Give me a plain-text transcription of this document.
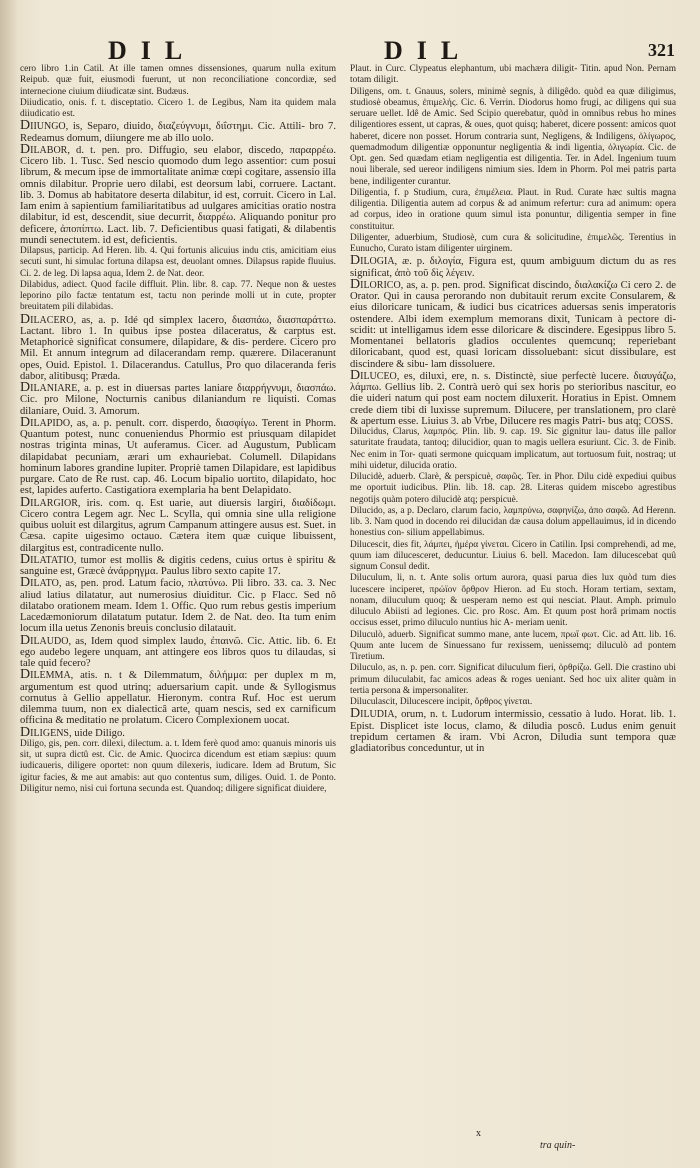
DIL	DIL	321

cero libro 1.in Catil. At ille tamen omnes dissensiones, quarum nulla exitum Reipub. quæ fuit, eiusmodi fuerunt, ut non reconciliatione concordiæ, sed internecione ciuium diiudicatæ sint. Budæus.

Diiudicatio, onis. f. t. disceptatio. Cicero 1. de Legibus, Nam ita quidem mala diiudicatio est.

Diiungo, is, Separo, diuido, διαζεύγνυμι, διΐστημι. Cic. Attili- bro 7. Redeamus domum, diiungere me ab illo uolo.

Dilabor, d. t. pen. pro. Diffugio, seu elabor, discedo, παραρρέω. Cicero lib. 1. Tusc. Sed nescio quomodo dum lego assentior: cum posui librum, & mecum ipse de immortalitate animæ cœpi cogitare, assensio illa omnis dilabitur. Proprie uero dilabi, est deorsum labi, corruere. Lactant. lib. 3. Domus ab habitatore deserta dilabitur, id est, corruit. Cicero in Lal. Iam enim à sapientium familiaritatibus ad uulgares amicitias oratio nostra dilabitur, id est, descendit, siue decurrit, διαρρέω. Aliquando ponitur pro deficere, ἀποπίπτω. Lact. lib. 7. Deficientibus quasi fatigati, & dilabentis mundi senectutem. id est, deficientis.

Dilapsus, particip. Ad Heren. lib. 4. Qui fortunis alicuius indu ctis, amicitiam eius secuti sunt, hi simulac fortuna dilapsa est, deuolant omnes. Dilapsus rapide fluuius. Ci. 2. de leg. Di lapsa aqua, Idem 2. de Nat. deor.

Dilabidus, adiect. Quod facile diffluit. Plin. libr. 8. cap. 77. Neque non & uestes leporino pilo factæ tentatum est, tactu non perinde molli ut in cute, propter breuitatem pili dilabidas.

Dilacero, as, a. p. Idé qd simplex lacero, διασπάω, διασπαράττω. Lactant. libro 1. In quibus ipse postea dilaceratus, & carptus est. Metaphoricè significat consumere, dilapidare, & dis- perdere. Cicero pro Mil. Et annum integrum ad dilacerandam remp. quærere. Dilaceranunt opes, Ouid. Epistol. 1. Dilacerandus. Catullus, Pro quo dilaceranda feris dabor, alitibusq; Præda.

Dilaniare, a. p. est in diuersas partes laniare διαρρήγνυμι, διασπάω. Cic. pro Milone, Nocturnis canibus dilaniandum re liquisti. Comas dilaniare, Ouid. 3. Amorum.

Dilapido, as, a. p. penult. corr. disperdo, διασφίγω. Terent in Phorm. Quantum potest, nunc conueniendus Phormio est priusquam dilapidet nostras triginta minas, Ut auferamus. Cicer. ad Augustum, Publicam dilapidabat pecuniam, ærari um exhauriebat. Columell. Dilapidans hominum labores grandine lupiter. Propriè tamen Dilapidare, est lapidibus purgare. Cato de Re rust. cap. 46. Locum bipalio uortito, dilapidato, hoc est, lapides auferto. Castigatiora exemplaria ha bent Delapidato.

Dilargior, iris. com. q. Est uarie, aut diuersis largiri, διαδίδωμι. Cicero contra Legem agr. Nec L. Scylla, qui omnia sine ulla religione quibus uoluit est dilargitus, agrum Campanum attingere ausus est. Suet. in Cæsa. capite uigesimo octauo. Cætera item quæ cuique libuissent, dilargitus est, contradicente nullo.

Dilatatio, tumor est mollis & digitis cedens, cuius ortus è spiritu & sanguine est, Græcè ἀνάρρηγμα. Paulus libro sexto capite 17.

Dilato, as, pen. prod. Latum facio, πλατύνω. Pli libro. 33. ca. 3. Nec aliud latius dilatatur, aut numerosius diuiditur. Cic. p Flacc. Sed nô dilatabo orationem meam. Idem 1. Offic. Quo rum rebus gestis imperium Lacedæmoniorum dilatatum putatur. Idem 2. de Nat. deo. Ita tum enim locum illa uetus Zenonis breuis conclusio dilatauit.

Dilaudo, as, Idem quod simplex laudo, ἐπαινῶ. Cic. Attic. lib. 6. Et ego audebo legere unquam, ant attingere eos libros quos tu dilaudas, si tale quid fecero?

Dilemma, atis. n. t & Dilemmatum, διλήμμα: per duplex m m, argumentum est quod utrinq; aduersarium capit. unde & Syllogismus cornutus à Gellio appellatur. Hieronym. contra Ruf. Hoc est uerum dilemma tuum, non ex dialecticâ arte, quam nescis, sed ex carnificum officina & meditatio ne prolatum. Cicero Complexionem uocat.

Diligens, uide Diligo.

Diligo, gis, pen. corr. dilexi, dilectum. a. t. Idem ferè quod amo: quanuis minoris uis sit, ut supra dictû est. Cic. de Amic. Quocirca dicendum est etiam sæpius: quum iudicaueris, diligere oportet: non quum dilexeris, iudicare. Idem ad Brutum, Sic igitur facies, & me aut amabis: aut quo contentus sum, diliges. Ouid. 1. de Ponto. Diligitur nemo, nisi cui fortuna secunda est. Quandoq; diligere significat diuidere,

Plaut. in Curc. Clypeatus elephantum, ubi machæra diligit- Titin. apud Non. Pernam totam diligit.

Diligens, om. t. Gnauus, solers, minimè segnis, à diligêdo. quòd ea quæ diligimus, studiosè obeamus, ἐπιμελής. Cic. 6. Verrin. Diodorus homo frugi, ac diligens qui sua seruare uellet. Idê de Amic. Sed Scipio querebatur, quòd in omnibus rebus ho mines diligentiores essent, ut capras, & oues, quot quisq; haberet, dicere possent: amicos quot haberet, dicere non posset. Horum contraria sunt, Negligens, & Indiligens, ὀλίγωρος, quemadmodum diligentiæ opponuntur negligentia & indi ligentia, ὀλιγωρία. Cic. de Opt. gen. Sed quædam etiam negligentia est diligentia. Ter. in Adel. Ingenium tuum noui liberale, sed uereor indiligens nimium sies. Idem in Phorm. Pol mei patris parta bene, indiligenter curantur.

Diligentia, f. p Studium, cura, ἐπιμέλεια. Plaut. in Rud. Curate hæc sultis magna diligentia. Diligentia autem ad corpus & ad animum refertur: cura ad animum: opera ad corpus, ideo in oratione quum simul ista ponuntur, diligentia semper in fine constituitur.

Diligenter, aduerbium, Studiosè, cum cura & solicitudine, ἐπιμελῶς. Terentius in Eunucho, Curato istam diligenter uirginem.

Dilogia, æ. p. διλογία, Figura est, quum ambiguum dictum du as res significat, ἀπὸ τοῦ δὶς λέγειν.

Dilorico, as, a. p. pen. prod. Significat discindo, διαλακίζω Ci cero 2. de Orator. Qui in causa perorando non dubitauit rerum excite Consularem, & eius diloricare tunicam, & iudici bus cicatrices aduersas senis imperatoris ostendere. Albi idem exemplum memorans dixit, Tunicam à pectore di- scidit: ut intelligamus idem esse diloricare & discindere. Egesippus libro 5. Momentanei bellatoris gladios occulentes quemcunq; reperiebant diloricabant, quod est, quasi loricam dissoluebant: sicut dissibulare, est discindere & sibu- lam dissoluere.

Diluceo, es, diluxi, ere, n. s. Distinctè, siue perfectè lucere. διαυγάζω, λάμπω. Gellius lib. 2. Contrà uerò qui sex horis po sterioribus nascitur, eo die uideri natum qui post eam noctem diluxerit. Horatius in Epist. Omnem crede diem tibi di luxisse supremum. Dilucere, per translationem, pro clarè & apertum esse. Liuius 3. ab Vrbe, Dilucere res magis Patri- bus atq; COSS.

Dilucidus, Clarus, λαμπρός. Plin. lib. 9. cap. 19. Sic gignitur lau- datus ille pallor saturitate fraudata, tantoq; dilucidior, quan to magis uellera esuriunt. Cic. 3. de Finib. Nec enim in Tor- quati sermone quicquam implicatum, aut tortuosum fuit, nostraq; ut mihi uidetur, dilucida oratio.

Dilucidè, aduerb. Clarè, & perspicuè, σαφῶς. Ter. in Phor. Dilu cidè expediui quibus me oportuit iudicibus. Plin. lib. 18. cap. 28. Literas quidem miscebo agrestibus negotijs quàm potero dilucidè atq; perspicuè.

Dilucido, as, a p. Declaro, clarum facio, λαμπρύνω, σαφηνίζω, ἀπο σαφῶ. Ad Herenn. lib. 3. Nam quod in docendo rei dilucidan dæ causa dolum appellauimus, id in dicendo honestius con- silium appellabimus.

Dilucescit, dies fit, λάμπει, ἡμέρα γίνεται. Cicero in Catilin. Ipsi comprehendi, ad me, quum iam dilucesceret, deducuntur. Liuius 6. bell. Macedon. Iam dilucescebat quû signum Consul dedit.

Diluculum, li, n. t. Ante solis ortum aurora, quasi parua dies lux quòd tum dies lucescere inciperet, πρώϊον ὄρθρον Hieron. ad Eu stoch. Horam tertiam, sextam, nonam, diluculum quoq; & uesperam nemo est qui nesciat. Plaut. Amph. primulo diluculo Abiisti ad legiones. Cic. pro Rosc. Am. Et quum post horâ primam noctis occisus esset, primo diluculo nuntius hic A- meriam uenit.

Diluculò, aduerb. Significat summo mane, ante lucem, πρωΐ φωτ. Cic. ad Att. lib. 16. Quum ante lucem de Sinuessano fur rexissem, uenissemq; diluculò ad pontem Tiretium.

Diluculo, as, n. p. pen. corr. Significat diluculum fieri, ὀρθρίζω. Gell. Die crastino ubi primum diluculabit, fac amicos adeas & roges ueniant. Sed hoc uix aliter quàm in tertia persona & impersonaliter.

Diluculascit, Dilucescere incipit, ὄρθρος γίνεται.

Diludia, orum, n. t. Ludorum intermissio, cessatio à ludo. Horat. lib. 1. Epist. Displicet iste locus, clamo, & diludia poscô. Ludus enim genuit trepidum certamen & iram. Vbi Acron, Diludia sunt tempora quæ gladiatoribus conceduntur, ut in

x
tra quin-
